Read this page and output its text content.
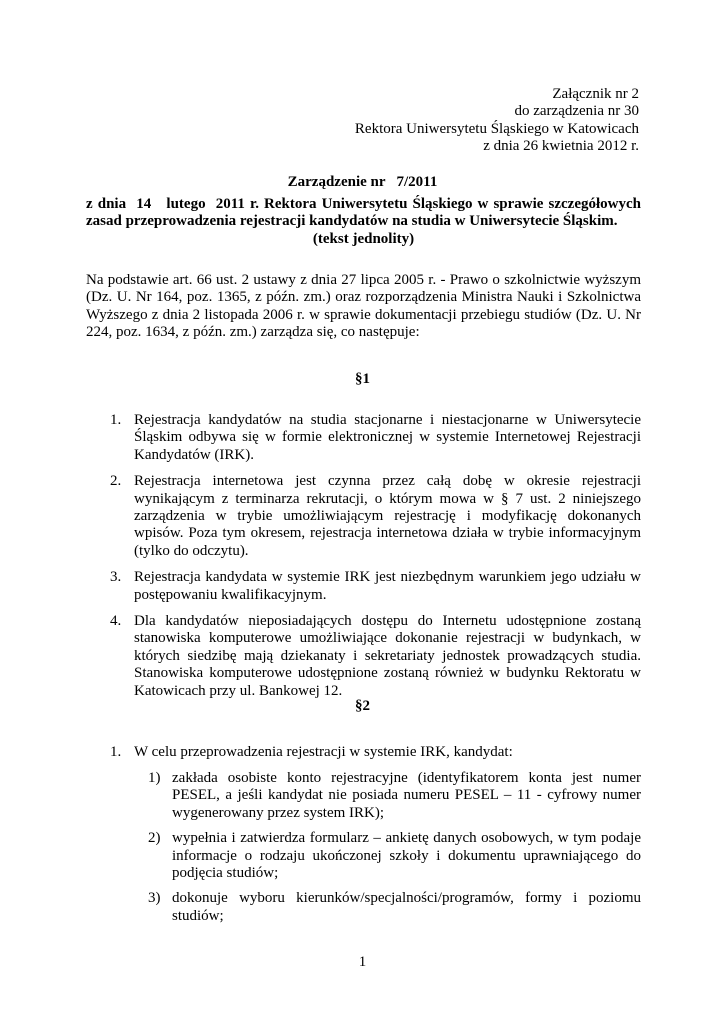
Załącznik nr 2
do zarządzenia nr 30
Rektora Uniwersytetu Śląskiego w Katowicach
z dnia 26 kwietnia 2012 r.
Zarządzenie nr   7/2011
z dnia  14   lutego  2011 r. Rektora Uniwersytetu Śląskiego w sprawie szczegółowych
zasad przeprowadzenia rejestracji kandydatów na studia w Uniwersytecie Śląskim.
(tekst jednolity)
Na podstawie art. 66 ust. 2 ustawy z dnia 27 lipca 2005 r. - Prawo o szkolnictwie wyższym (Dz. U. Nr 164, poz. 1365, z późn. zm.) oraz rozporządzenia Ministra Nauki i Szkolnictwa Wyższego z dnia 2 listopada 2006 r. w sprawie dokumentacji przebiegu studiów (Dz. U. Nr 224, poz. 1634, z późn. zm.) zarządza się, co następuje:
§1
1. Rejestracja kandydatów na studia stacjonarne i niestacjonarne w Uniwersytecie Śląskim odbywa się w formie elektronicznej w systemie Internetowej Rejestracji Kandydatów (IRK).
2. Rejestracja internetowa jest czynna przez całą dobę w okresie rejestracji wynikającym z terminarza rekrutacji, o którym mowa w § 7 ust. 2 niniejszego zarządzenia w trybie umożliwiającym rejestrację i modyfikację dokonanych wpisów. Poza tym okresem, rejestracja internetowa działa w trybie informacyjnym (tylko do odczytu).
3. Rejestracja kandydata w systemie IRK jest niezbędnym warunkiem jego udziału w postępowaniu kwalifikacyjnym.
4. Dla kandydatów nieposiadających dostępu do Internetu udostępnione zostaną stanowiska komputerowe umożliwiające dokonanie rejestracji w budynkach, w których siedzibę mają dziekanaty i sekretariaty jednostek prowadzących studia. Stanowiska komputerowe udostępnione zostaną również w budynku Rektoratu w Katowicach przy ul. Bankowej 12.
§2
1. W celu przeprowadzenia rejestracji w systemie IRK, kandydat:
1) zakłada osobiste konto rejestracyjne (identyfikatorem konta jest numer PESEL, a jeśli kandydat nie posiada numeru PESEL – 11 - cyfrowy numer wygenerowany przez system IRK);
2) wypełnia i zatwierdza formularz – ankietę danych osobowych, w tym podaje informacje o rodzaju ukończonej szkoły i dokumentu uprawniającego do podjęcia studiów;
3) dokonuje wyboru kierunków/specjalności/programów, formy i poziomu studiów;
1
